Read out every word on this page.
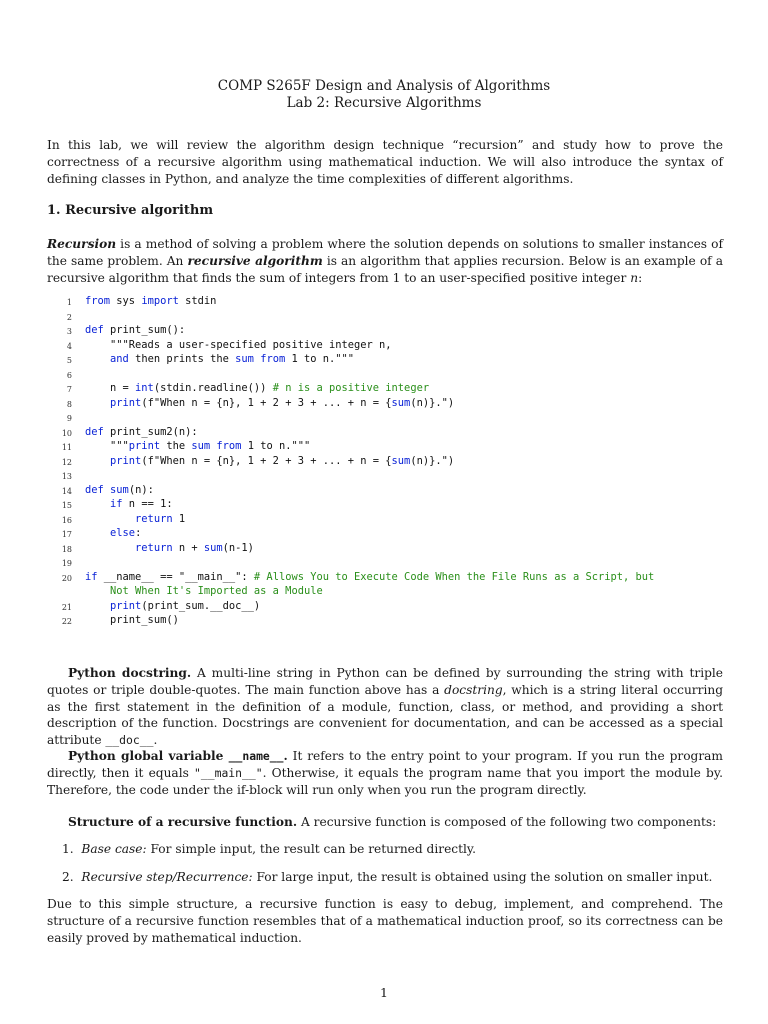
COMP S265F Design and Analysis of Algorithms
Lab 2: Recursive Algorithms

In this lab, we will review the algorithm design technique “recursion” and study how to prove the correctness of a recursive algorithm using mathematical induction. We will also introduce the syntax of defining classes in Python, and analyze the time complexities of different algorithms.

1. Recursive algorithm

Recursion is a method of solving a problem where the solution depends on solutions to smaller instances of the same problem. An recursive algorithm is an algorithm that applies recursion. Below is an example of a recursive algorithm that finds the sum of integers from 1 to an user-specified positive integer n:

1 from sys import stdin
2
3 def print_sum():
4 """Reads a user-specified positive integer n,
5	and then prints the sum from 1 to n."""
6
7 n = int(stdin.readline()) # n is a positive integer
8	print(f"When n = {n}, 1 + 2 + 3 + ... + n = {sum(n)}.")
9
10 def print_sum2(n):
11 """print the sum from 1 to n."""
12	print(f"When n = {n}, 1 + 2 + 3 + ... + n = {sum(n)}.")
13
14 def sum(n):
15	if n == 1:
16	return 1
17	else:
18	return n + sum(n-1)
19
20 if __name__ == "__main__": # Allows You to Execute Code When the File Runs as a Script, but
Not When It's Imported as a Module
21	print(print_sum.__doc__)
22 print_sum()

Python docstring. A multi-line string in Python can be defined by surrounding the string with triple quotes or triple double-quotes. The main function above has a docstring, which is a string literal occurring as the first statement in the definition of a module, function, class, or method, and providing a short description of the function. Docstrings are convenient for documentation, and can be accessed as a special attribute __doc__.

Python global variable __name__. It refers to the entry point to your program. If you run the program directly, then it equals "__main__". Otherwise, it equals the program name that you import the module by. Therefore, the code under the if-block will run only when you run the program directly.

Structure of a recursive function. A recursive function is composed of the following two components:

1. Base case: For simple input, the result can be returned directly.
2. Recursive step/Recurrence: For large input, the result is obtained using the solution on smaller input.

Due to this simple structure, a recursive function is easy to debug, implement, and comprehend. The structure of a recursive function resembles that of a mathematical induction proof, so its correctness can be easily proved by mathematical induction.

1
